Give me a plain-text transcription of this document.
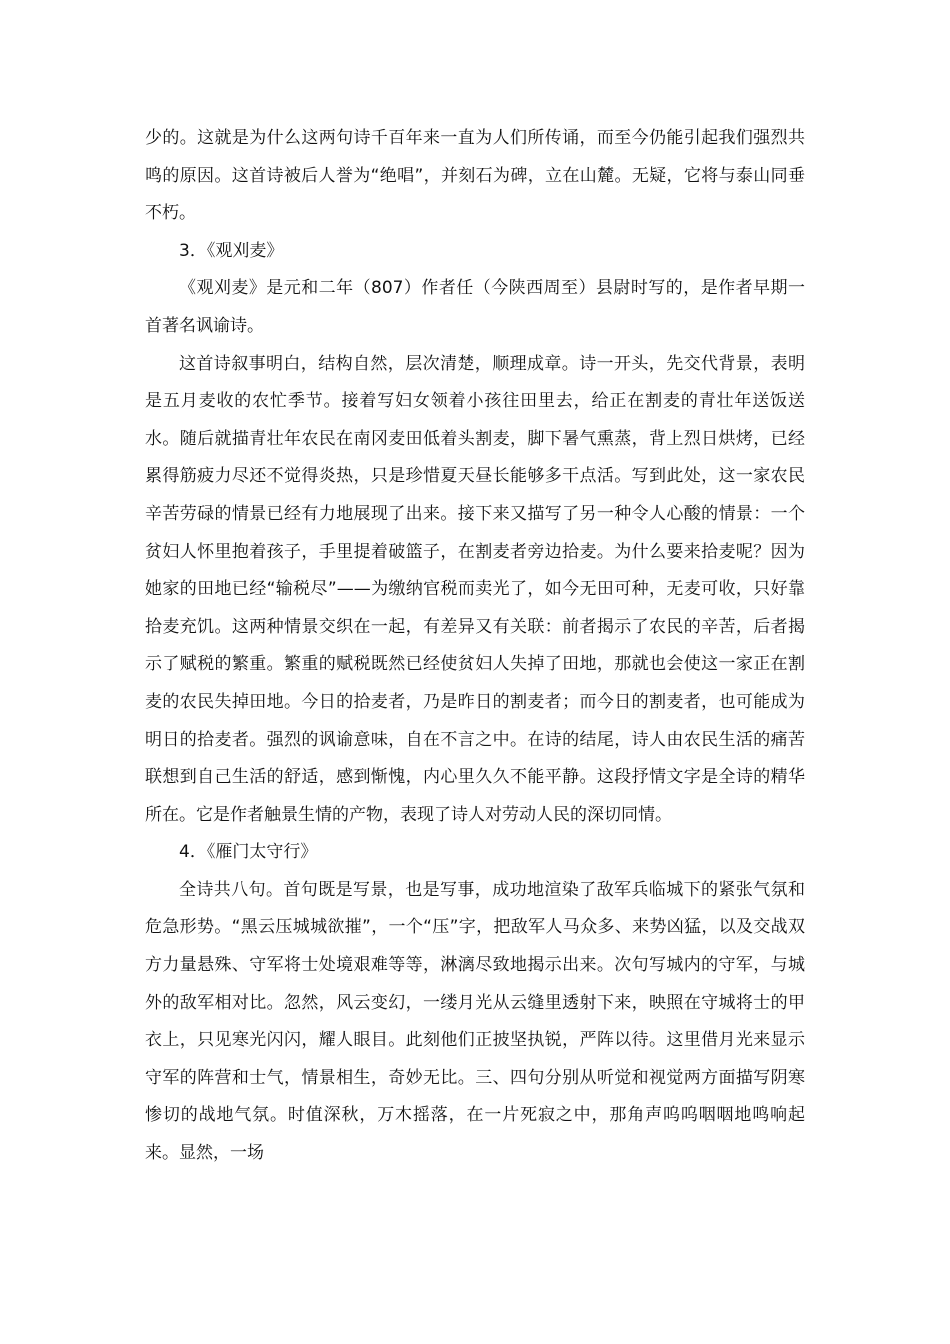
少的。这就是为什么这两句诗千百年来一直为人们所传诵，而至今仍能引起我们强烈共鸣的原因。这首诗被后人誉为“绝唱”，并刻石为碑，立在山麓。无疑，它将与泰山同垂不朽。

3．《观刈麦》

《观刈麦》是元和二年（807）作者任（今陕西周至）县尉时写的，是作者早期一首著名讽谕诗。

这首诗叙事明白，结构自然，层次清楚，顺理成章。诗一开头，先交代背景，表明是五月麦收的农忙季节。接着写妇女领着小孩往田里去，给正在割麦的青壮年送饭送水。随后就描青壮年农民在南冈麦田低着头割麦，脚下暑气熏蒸，背上烈日烘烤，已经累得筋疲力尽还不觉得炎热，只是珍惜夏天昼长能够多干点活。写到此处，这一家农民辛苦劳碌的情景已经有力地展现了出来。接下来又描写了另一种令人心酸的情景：一个贫妇人怀里抱着孩子，手里提着破篮子，在割麦者旁边拾麦。为什么要来拾麦呢？因为她家的田地已经“输税尽”——为缴纳官税而卖光了，如今无田可种，无麦可收，只好靠拾麦充饥。这两种情景交织在一起，有差异又有关联：前者揭示了农民的辛苦，后者揭示了赋税的繁重。繁重的赋税既然已经使贫妇人失掉了田地，那就也会使这一家正在割麦的农民失掉田地。今日的拾麦者，乃是昨日的割麦者；而今日的割麦者，也可能成为明日的拾麦者。强烈的讽谕意味，自在不言之中。在诗的结尾，诗人由农民生活的痛苦联想到自己生活的舒适，感到惭愧，内心里久久不能平静。这段抒情文字是全诗的精华所在。它是作者触景生情的产物，表现了诗人对劳动人民的深切同情。

4．《雁门太守行》

全诗共八句。首句既是写景，也是写事，成功地渲染了敌军兵临城下的紧张气氛和危急形势。“黑云压城城欲摧”，一个“压”字，把敌军人马众多、来势凶猛，以及交战双方力量悬殊、守军将士处境艰难等等，淋漓尽致地揭示出来。次句写城内的守军，与城外的敌军相对比。忽然，风云变幻，一缕月光从云缝里透射下来，映照在守城将士的甲衣上，只见寒光闪闪，耀人眼目。此刻他们正披坚执锐，严阵以待。这里借月光来显示守军的阵营和士气，情景相生，奇妙无比。三、四句分别从听觉和视觉两方面描写阴寒惨切的战地气氛。时值深秋，万木摇落，在一片死寂之中，那角声呜呜咽咽地鸣响起来。显然，一场
